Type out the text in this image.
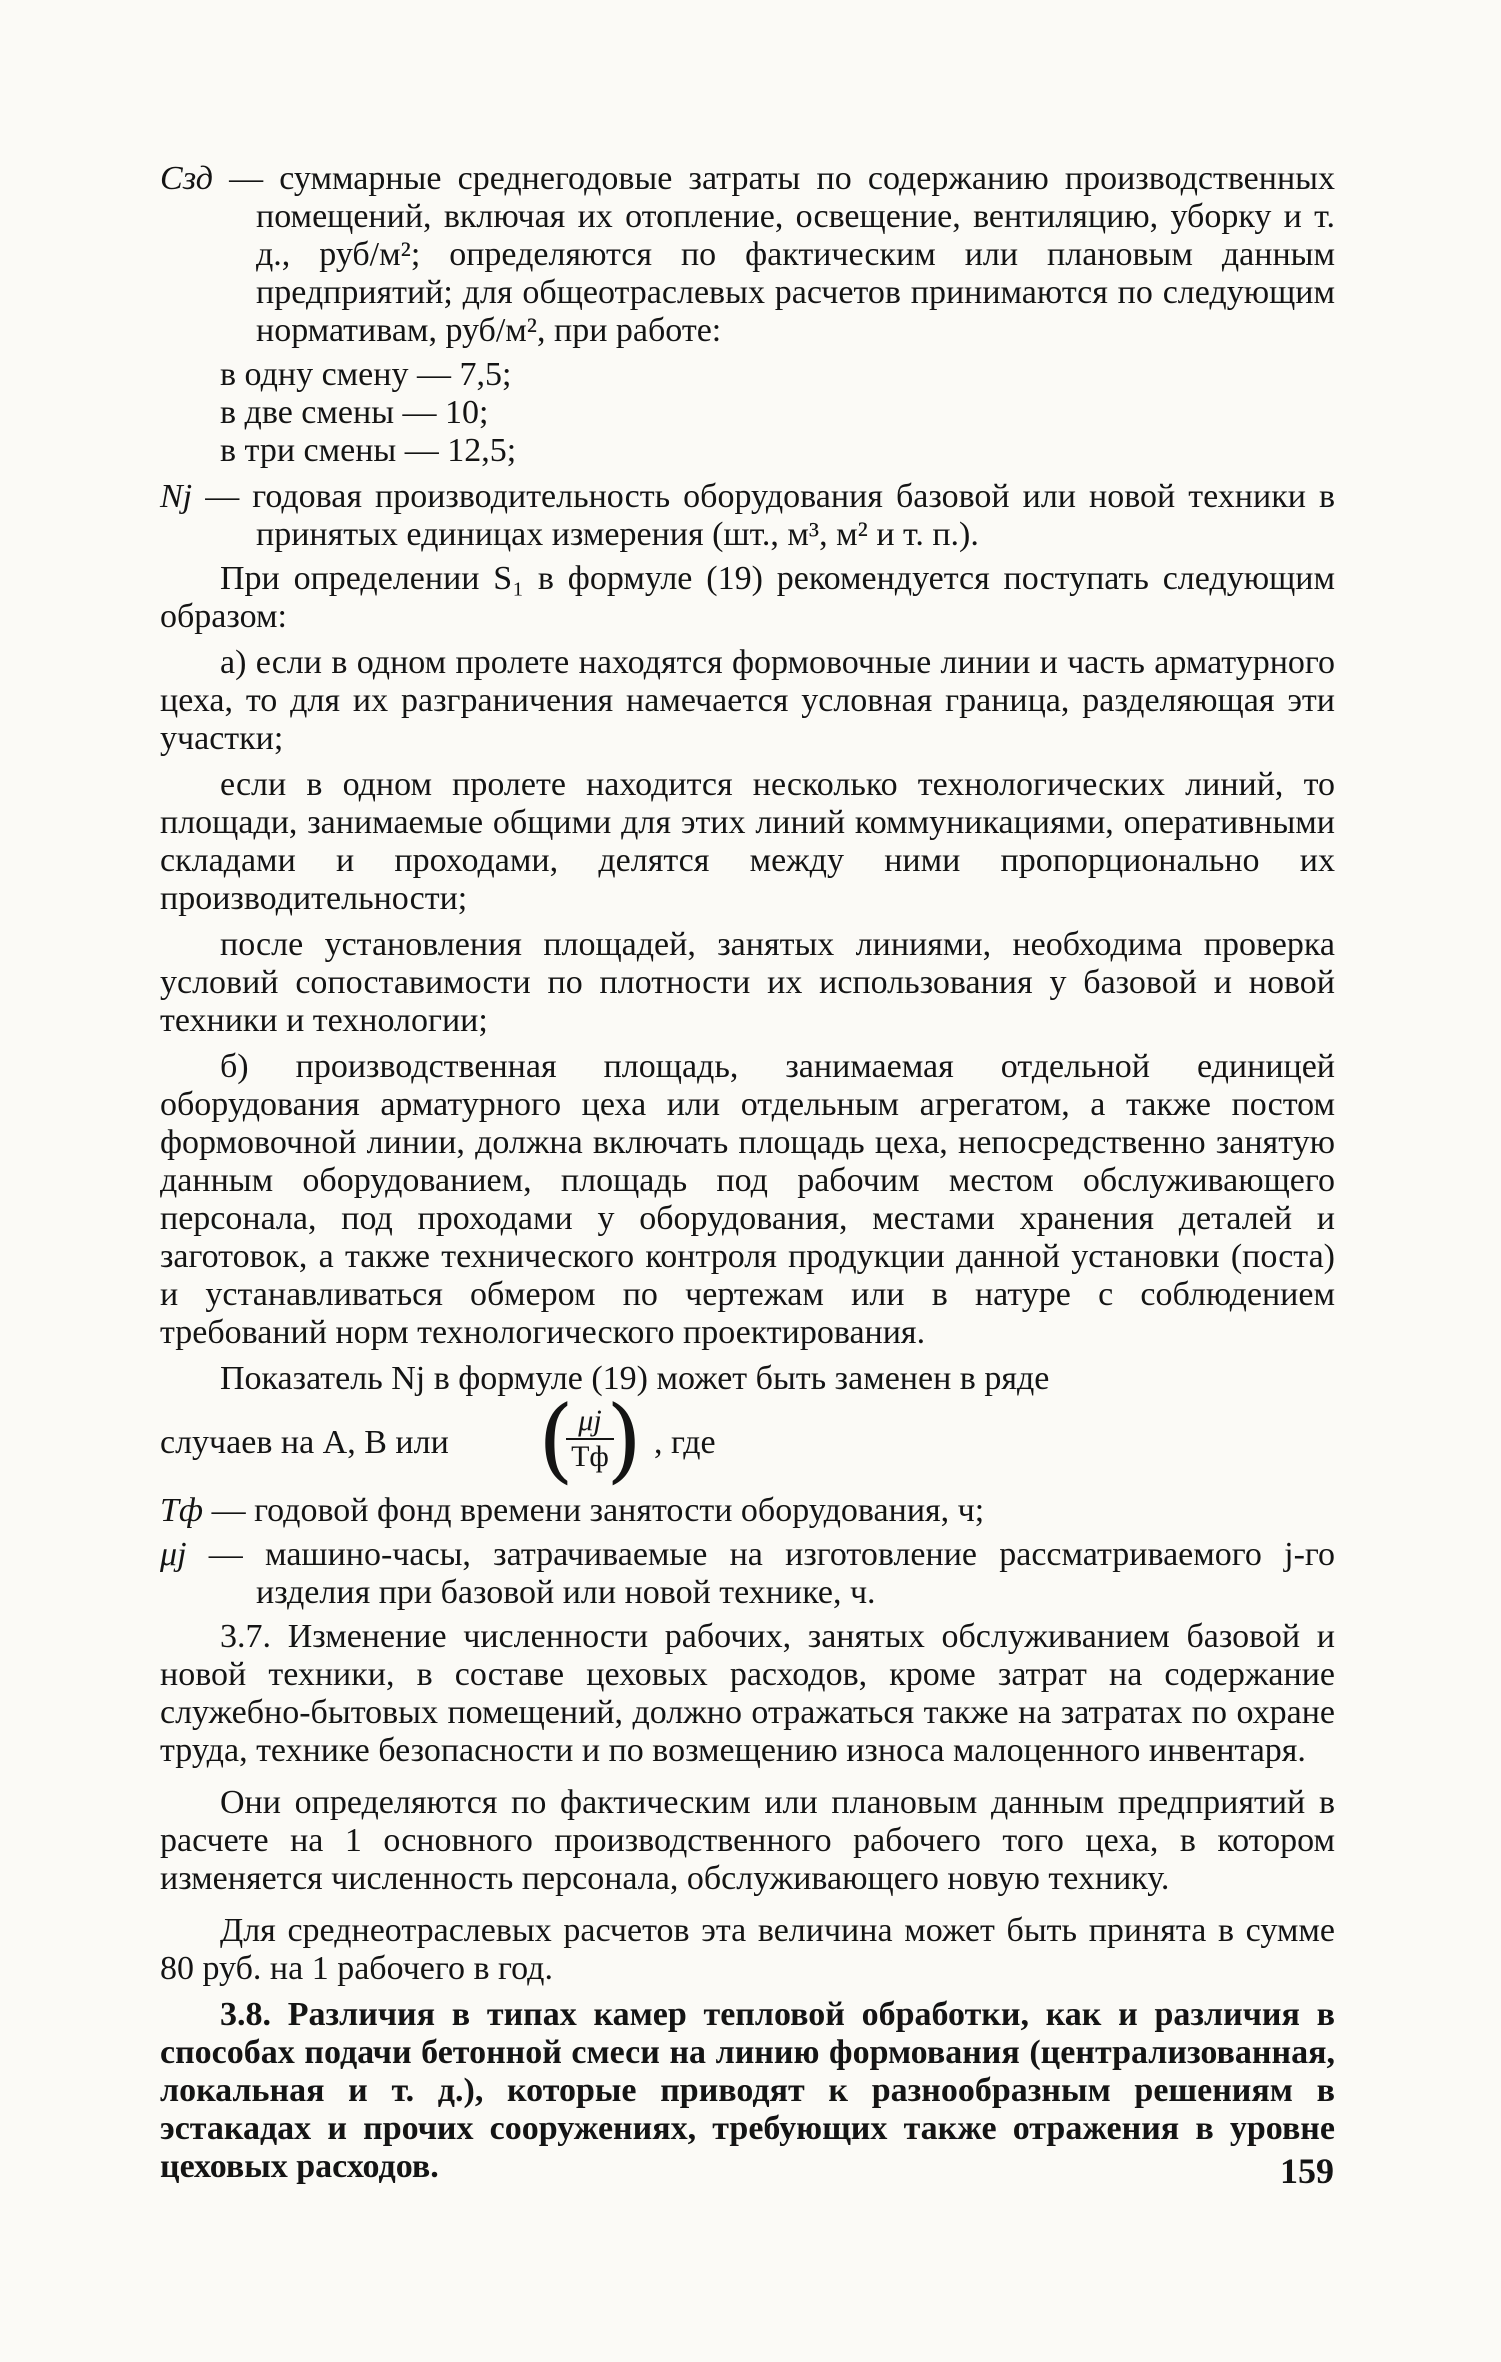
Сзд — суммарные среднегодовые затраты по содержанию производственных помещений, включая их отопление, освещение, вентиляцию, уборку и т. д., руб/м²; определяются по фактическим или плановым данным предприятий; для общеотраслевых расчетов принимаются по следующим нормативам, руб/м², при работе:

в одну смену — 7,5;

в две смены — 10;

в три смены — 12,5;

Nj — годовая производительность оборудования базовой или новой техники в принятых единицах измерения (шт., м³, м² и т. п.).

При определении S₁ в формуле (19) рекомендуется поступать следующим образом:

а) если в одном пролете находятся формовочные линии и часть арматурного цеха, то для их разграничения намечается условная граница, разделяющая эти участки;

если в одном пролете находится несколько технологических линий, то площади, занимаемые общими для этих линий коммуникациями, оперативными складами и проходами, делятся между ними пропорционально их производительности;

после установления площадей, занятых линиями, необходима проверка условий сопоставимости по плотности их использования у базовой и новой техники и технологии;

б) производственная площадь, занимаемая отдельной единицей оборудования арматурного цеха или отдельным агрегатом, а также постом формовочной линии, должна включать площадь цеха, непосредственно занятую данным оборудованием, площадь под рабочим местом обслуживающего персонала, под проходами у оборудования, местами хранения деталей и заготовок, а также технического контроля продукции данной установки (поста) и устанавливаться обмером по чертежам или в натуре с соблюдением требований норм технологического проектирования.

Показатель Nj в формуле (19) может быть заменен в ряде

случаев на А, В или ( μj
Тф
) , где

Тф — годовой фонд времени занятости оборудования, ч;

μj — машино-часы, затрачиваемые на изготовление рассматриваемого j-го изделия при базовой или новой технике, ч.

3.7. Изменение численности рабочих, занятых обслуживанием базовой и новой техники, в составе цеховых расходов, кроме затрат на содержание служебно-бытовых помещений, должно отражаться также на затратах по охране труда, технике безопасности и по возмещению износа малоценного инвентаря.

Они определяются по фактическим или плановым данным предприятий в расчете на 1 основного производственного рабочего того цеха, в котором изменяется численность персонала, обслуживающего новую технику.

Для среднеотраслевых расчетов эта величина может быть принята в сумме 80 руб. на 1 рабочего в год.

3.8. Различия в типах камер тепловой обработки, как и различия в способах подачи бетонной смеси на линию формования (централизованная, локальная и т. д.), которые приводят к разнообразным решениям в эстакадах и прочих сооружениях, требующих также отражения в уровне цеховых расходов.	159
